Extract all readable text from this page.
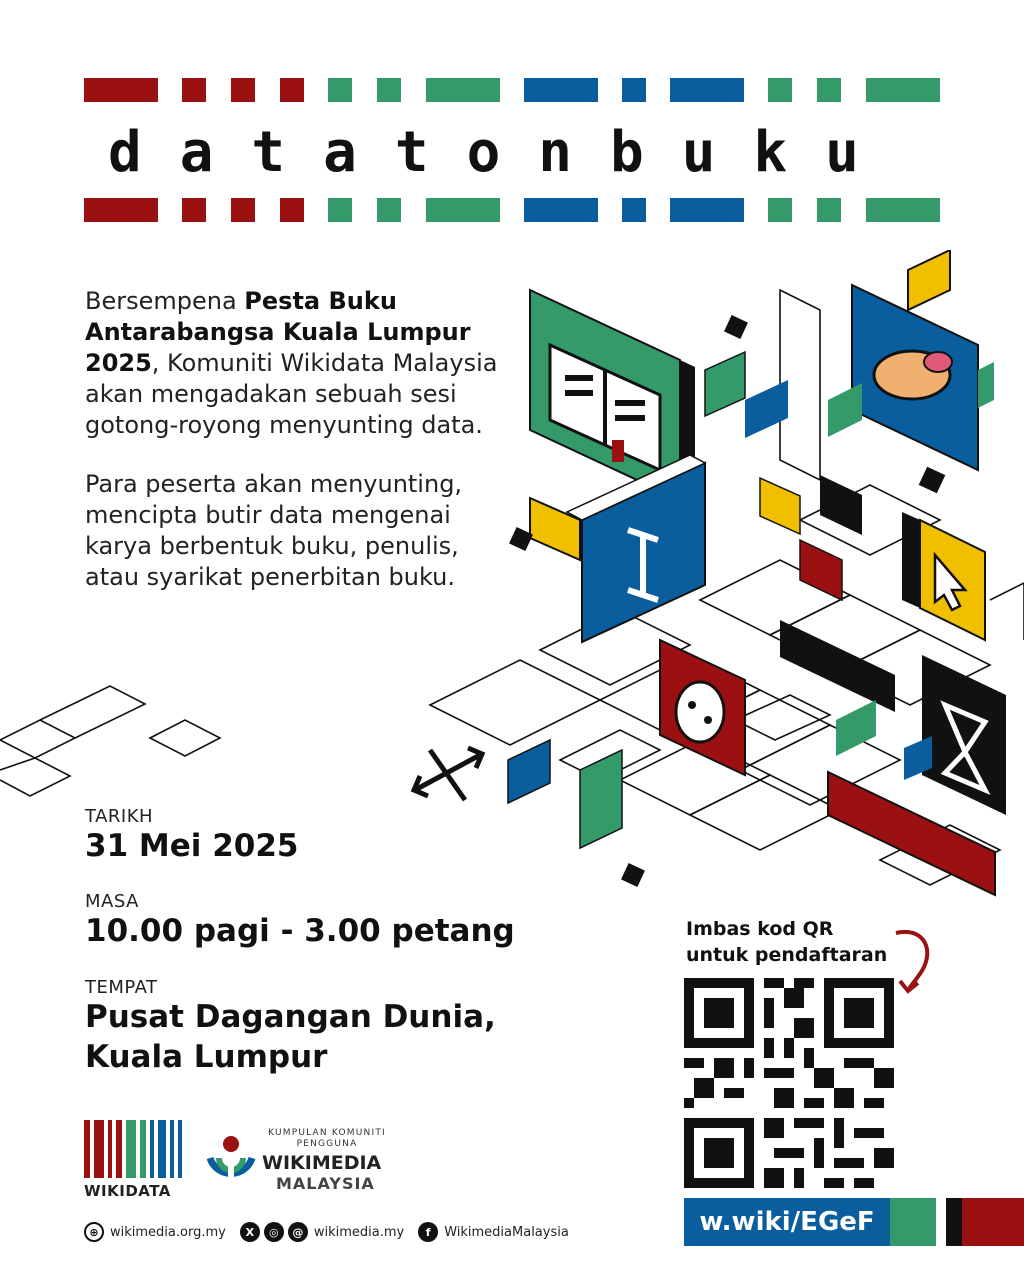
datatonbuku

Bersempena Pesta Buku Antarabangsa Kuala Lumpur 2025, Komuniti Wikidata Malaysia akan mengadakan sebuah sesi gotong-royong menyunting data.

Para peserta akan menyunting, mencipta butir data mengenai karya berbentuk buku, penulis, atau syarikat penerbitan buku.

TARIKH
31 Mei 2025
MASA
10.00 pagi - 3.00 petang
TEMPAT
Pusat Dagangan Dunia,
Kuala Lumpur
Imbas kod QR
untuk pendaftaran
w.wiki/EGeF
WIKIDATA
KUMPULAN KOMUNITI
PENGGUNA
WIKIMEDIA
MALAYSIA
⊕ wikimedia.org.my	X	◎	@ wikimedia.my	f	WikimediaMalaysia
